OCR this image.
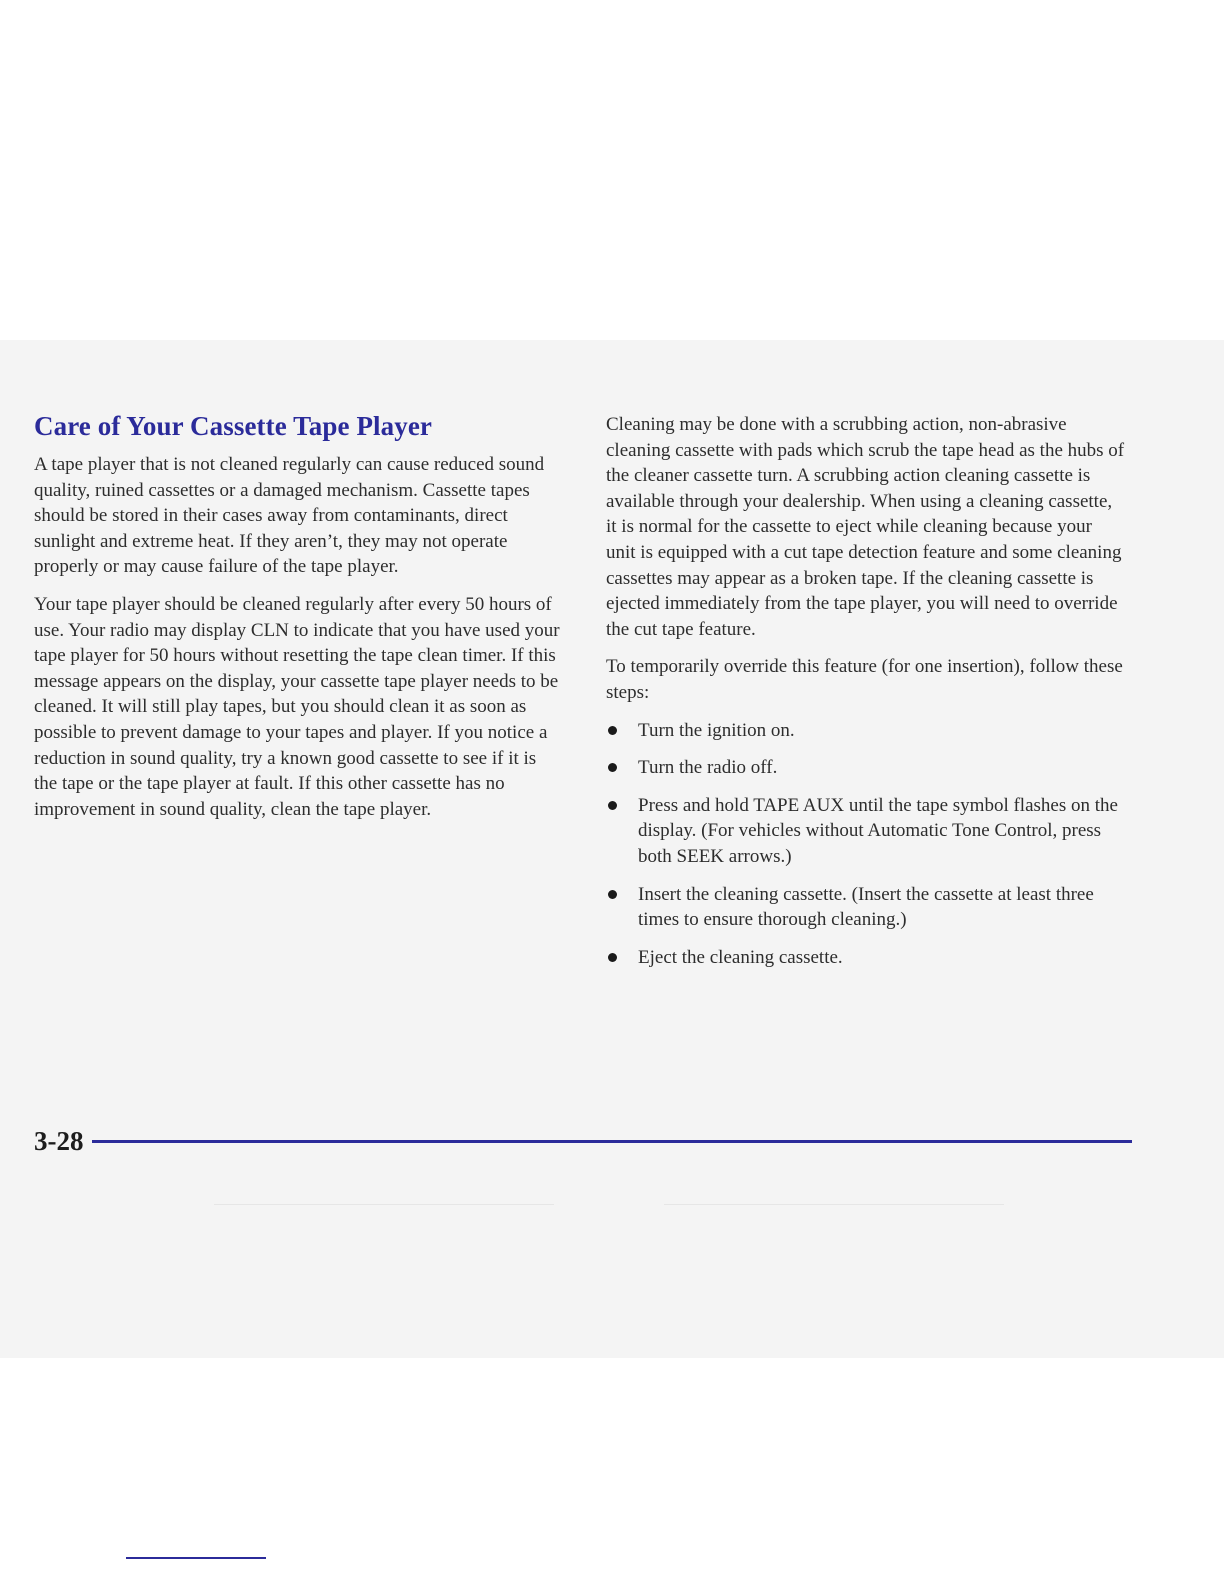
Care of Your Cassette Tape Player

A tape player that is not cleaned regularly can cause reduced sound quality, ruined cassettes or a damaged mechanism. Cassette tapes should be stored in their cases away from contaminants, direct sunlight and extreme heat. If they aren’t, they may not operate properly or may cause failure of the tape player.

Your tape player should be cleaned regularly after every 50 hours of use. Your radio may display CLN to indicate that you have used your tape player for 50 hours without resetting the tape clean timer. If this message appears on the display, your cassette tape player needs to be cleaned. It will still play tapes, but you should clean it as soon as possible to prevent damage to your tapes and player. If you notice a reduction in sound quality, try a known good cassette to see if it is the tape or the tape player at fault. If this other cassette has no improvement in sound quality, clean the tape player.

Cleaning may be done with a scrubbing action, non-abrasive cleaning cassette with pads which scrub the tape head as the hubs of the cleaner cassette turn. A scrubbing action cleaning cassette is available through your dealership. When using a cleaning cassette, it is normal for the cassette to eject while cleaning because your unit is equipped with a cut tape detection feature and some cleaning cassettes may appear as a broken tape. If the cleaning cassette is ejected immediately from the tape player, you will need to override the cut tape feature.

To temporarily override this feature (for one insertion), follow these steps:

Turn the ignition on.
Turn the radio off.
Press and hold TAPE AUX until the tape symbol flashes on the display. (For vehicles without Automatic Tone Control, press both SEEK arrows.)
Insert the cleaning cassette. (Insert the cassette at least three times to ensure thorough cleaning.)
Eject the cleaning cassette.
3-28
